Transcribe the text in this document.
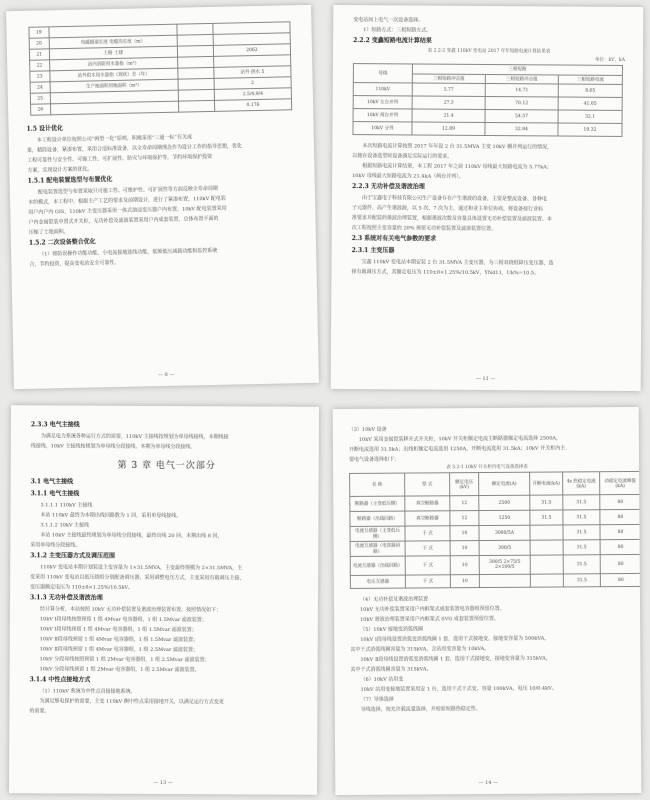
19			
20	电缆隧道长度 电缆沟长度（m）		
21	土路 土建		2063
22	站内消防用水量指（m³）		
23	站外供水用水量指（现状）全（年）		站外 供水 5
24	生产地面积用地面积（m²）		2
25			2.5/4.9/4
26			0.176
1.5 设计优化
本工程设计单位按照公司“两型一化”原则，积极采用“三通一标”有关成
果，精简设备，紧凑布置，采用合适标准设备，以全寿命周期理念作为设计工作的指导思想，优化
工程可靠性与安全性、可施工性、可扩展性、防灾与环境保护等，节约环境保护投资
方案，实现设计方案的优化。
1.5.1 配电装置选型与布置优化
配电装置选型与布置采取只可施工性、可维护性、可扩展性等方面反映全寿命周期
本的模式，本工程中，根据主产工艺的要求及前期设计，进行了紧凑布置，110kV 配电装
用户内户内 GIS，110kV 主变压器采用一体式油浸变压器户内布置，10kV 配电装置采用
户内金属铠装中置式开关柜，无功补偿及滤波装置采用户内成套装置，总体布置平面的
压缩了土地面积。
1.5.2 二次设备整合优化
（1）将防误操作功能功能，小电流接地选线功能，低频低压减载功能和监控系统
合，节约投资，提高变电站安全可靠性。
— 8 —
变电站间上电气一次设备选择。
1）短路方式：三相短路方式。
2.2.2 变鑫短路电流计算结果
表 2.2-2 变鑫 110kV 变电站 2017 年年短路电流计算结果表
单位：kV，kA
母线	三相短路		
	三相短路冲击值	三相短路冲击值	三相短路电流
110kV	5.77	14.71	8.65
10kV 左台并列	27.3	70.12	41.05
10kV 两台并列	21.4	54.57	32.1
10kV 分列	12.89	32.84	19.32
本次短路电流计算按照 2017 年年设 2 台 31.5MVA 主变 10kV 侧并列运行的情况，
以便在设备选型时设备满足实际运行的要求。
根据短路电流计算结果，本工程 2017 年之前 110kV 母线最大短路电流为 5.77kA；
10kV 母线最大短路电流为 21.4kA（两台并列）。
2.2.3 无功补偿及谐波治理
由于宝鑫电子科技有限公司生产设备存在产生谐波的设备，主要是整流设备、各种电
子元器件、高产生谐波源，以 5 次、7 次为主，通过和业主单位协商，将设备按行业标
准要求并配装的谐波治理装置，根据谐波次数及容量具体设置无功补偿装置及滤波装置。本
次工程按照主变容量的 20% 预留无功补偿装置及滤波装置位置。
2.3 系统对有关电气参数的要求
2.3.1 主变压器
宝鑫 110kV 变电站本期安装 2 台 31.5MVA 主变压器，为三相双绕组降压变压器，选
择有载调压方式，其额定电压为 110±8×1.25%/10.5kV，YNd11，Uk%=10.5。
— 11 —
2.3.3 电气主接线
为满足电力系统各种运行方式的需要，110kV 主接线按规划为单母线接线，本期线接
线接线，10kV 主接线按规划为单母线分段接线，本期为单母线分段接线。
第 3 章 电气一次部分
3.1 电气主接线
3.1.1 电气主接线
3.1.1.1 110kV 主接线
本站 110kV 最终为本期出线回路数为 1 回，采用单母线接线。
3.1.1.2 10kV 主接线
本站 10kV 主接线最终规划为单母线分段接线，最终出线 20 回，本期出线 8 回，
采用单母线分段接线。
3.1.2 主变压器方式及调压范围
110kV 变电站本期计划装设主变容量为 1×31.5MVA，主变最终规模为 2×31.5MVA，主
变采用 110kV 变电站以低压绕组分别配备调压器，采用调整电压方式，主变采用有载调压主接，
变压器额定电压为 110±8×1.25%/10.5kV。
3.1.3 无功补偿及谐波治理
经计算分析，本站按照 10kV 无功补偿装置及谐波治理装置布置，按照情况如下：
10kV Ⅰ段母线按照预留 1 组 4Mvar 电容器组，1 组 1.5Mvar 滤波装置；
10kV Ⅰ段母线预留 1 组 4Mvar 电容器组，1 组 1.5Mvar 滤波装置；
10kV Ⅱ段母线预留 1 组 4Mvar 电容器组，1 组 1.5Mvar 滤波装置；
10kV Ⅱ段母线预留 1 组 4Mvar 电容器组，1 组 2.5Mvar 滤波装置；
10kV 分段母线按照预留 1 组 2Mvar 电容器组，1 组 2.5Mvar 滤波装置；
10kV 分段母线预留 1 组 2Mvar 电容器组，1 组 2.5Mvar 滤波装置。
3.1.4 中性点接地方式
（1）110kV 系统为中性点直接接地系统。
为满足继电保护的需要，主变 110kV 侧中性点采用接地开关，以满足运行方式变更
的需要。
— 13 —
（3）10kV 设备
10kV 采用金属铠装移开式开关柜，10kV 开关柜额定电流主断路器额定电流选择 2500A，
开断电流选用 31.5kA；出线柜额定电流选用 1250A，开断电流选用 31.5kA；10kV 开关柜内主
要电气设备选择如下：
表 3.2-1 10kV 开关柜内电气设备选择表
名 称	型 式	额定电压(kV)	额定电流(A)	开断电流(kA)	4s 热稳定电流(kA)	动稳定电流峰值(kA)
断路器（主变低压侧）	真空断路器	12	2500	31.5	31.5	80
断路器（出线回路）	真空断路器	12	1250	31.5	31.5	80
电流互感器（主变低压侧）	干 式	10	3000/5A		31.5	80
电流互感器（电容器回路）	干 式	10	300/5		31.5	80
电流互感器（出线回路）	干 式	10	300/5 2×75/5 2×100/5		31.5	80
电压互感器	干 式	10			31.5	80
（4）无功补偿及谐波治理装置
10kV 无功补偿装置采用户内框架式成套装置电容器组预留位置。
10kV 谐波治理装置采用户内框架式 SVG 成套装置预留位置。
（5）10kV 接地变消弧线圈
10kV Ⅰ段母线设置消弧变消弧线圈 1 套，选用干式接地变，接地变容量为 500kVA，
其中干式消弧线圈容量为 315kVA，含站用变容量为 10kVA。
10kV Ⅱ段母线设置消弧变消弧线圈 1 套，选用干式接地变，接地变容量为 315kVA，
其中干式消弧线圈容量为 315kVA。
（6）10kV 站用变
10kV 站用变接地装置采用安 1 台，选用干式干式变，容量 100kVA，电压 10/0.4kV。
（7）导体选择
导线选择，按允许载流量选择，并校验短路热稳定性。
— 14 —
